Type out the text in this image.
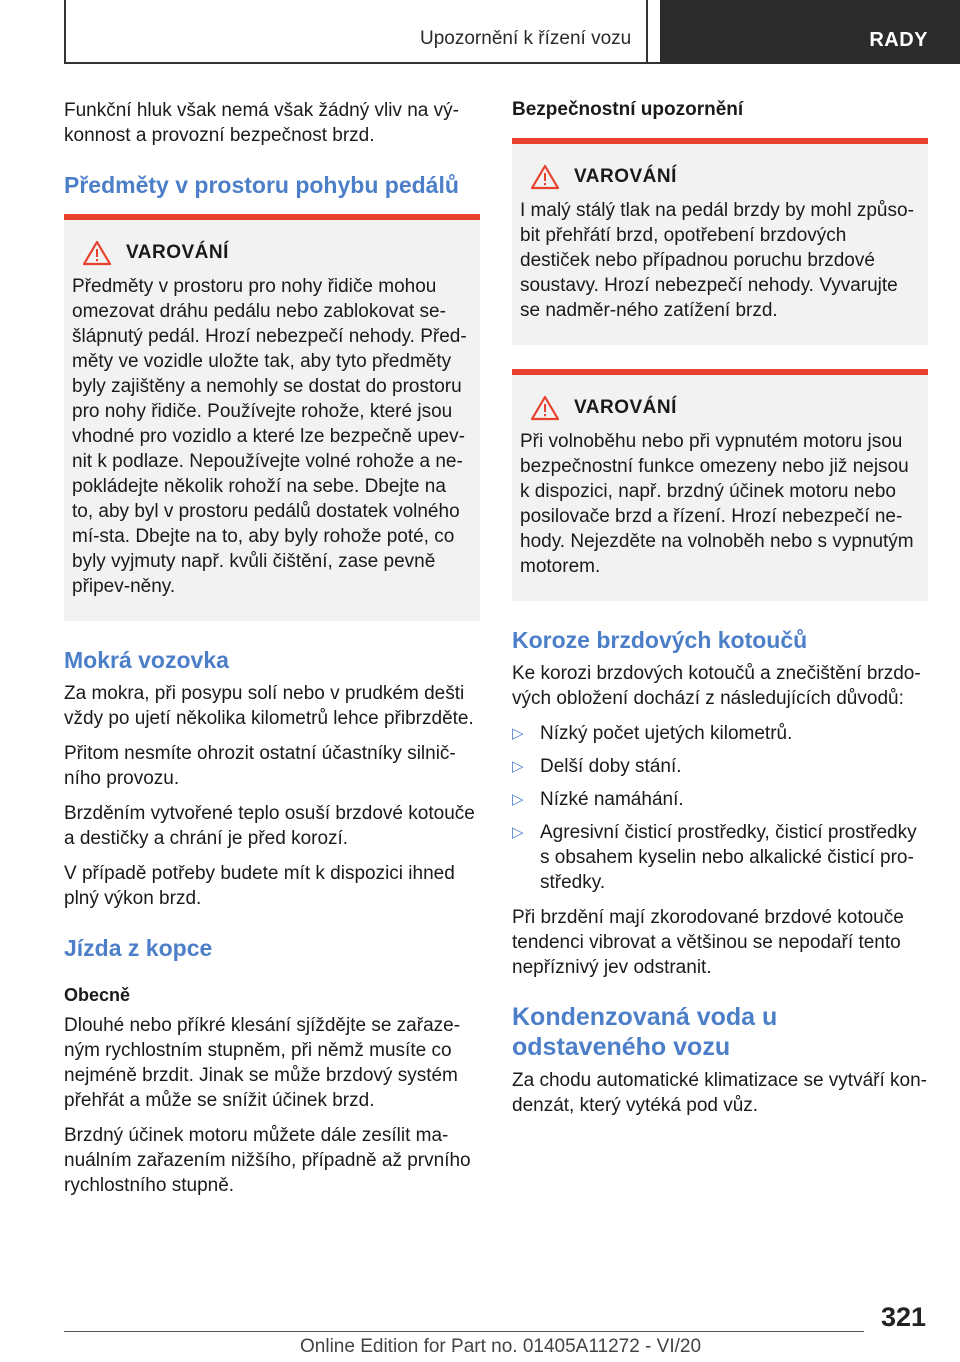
Upozornění k řízení vozu	RADY

Funkční hluk však nemá však žádný vliv na vý-konnost a provozní bezpečnost brzd.

Předměty v prostoru pohybu pedálů
VAROVÁNÍ

Předměty v prostoru pro nohy řidiče mohou omezovat dráhu pedálu nebo zablokovat se-šlápnutý pedál. Hrozí nebezpečí nehody. Před-měty ve vozidle uložte tak, aby tyto předměty byly zajištěny a nemohly se dostat do prostoru pro nohy řidiče. Používejte rohože, které jsou vhodné pro vozidlo a které lze bezpečně upev-nit k podlaze. Nepoužívejte volné rohože a ne-pokládejte několik rohoží na sebe. Dbejte na to, aby byl v prostoru pedálů dostatek volného mí-sta. Dbejte na to, aby byly rohože poté, co byly vyjmuty např. kvůli čištění, zase pevně připev-něny.

Mokrá vozovka

Za mokra, při posypu solí nebo v prudkém dešti vždy po ujetí několika kilometrů lehce přibrzděte.

Přitom nesmíte ohrozit ostatní účastníky silnič-ního provozu.

Brzděním vytvořené teplo osuší brzdové kotouče a destičky a chrání je před korozí.

V případě potřeby budete mít k dispozici ihned plný výkon brzd.

Jízda z kopce
Obecně

Dlouhé nebo příkré klesání sjíždějte se zařaze-ným rychlostním stupněm, při němž musíte co nejméně brzdit. Jinak se může brzdový systém přehřát a může se snížit účinek brzd.

Brzdný účinek motoru můžete dále zesílit ma-nuálním zařazením nižšího, případně až prvního rychlostního stupně.

Bezpečnostní upozornění
VAROVÁNÍ

I malý stálý tlak na pedál brzdy by mohl způso-bit přehřátí brzd, opotřebení brzdových destiček nebo případnou poruchu brzdové soustavy. Hrozí nebezpečí nehody. Vyvarujte se nadměr-ného zatížení brzd.

VAROVÁNÍ

Při volnoběhu nebo při vypnutém motoru jsou bezpečnostní funkce omezeny nebo již nejsou k dispozici, např. brzdný účinek motoru nebo posilovače brzd a řízení. Hrozí nebezpečí ne-hody. Nejezděte na volnoběh nebo s vypnutým motorem.

Koroze brzdových kotoučů

Ke korozi brzdových kotoučů a znečištění brzdo-vých obložení dochází z následujících důvodů:

▷ Nízký počet ujetých kilometrů.
▷ Delší doby stání.
▷ Nízké namáhání.
▷ Agresivní čisticí prostředky, čisticí prostředky s obsahem kyselin nebo alkalické čisticí pro-středky.

Při brzdění mají zkorodované brzdové kotouče tendenci vibrovat a většinou se nepodaří tento nepříznivý jev odstranit.

Kondenzovaná voda u odstaveného vozu

Za chodu automatické klimatizace se vytváří kon-denzát, který vytéká pod vůz.

321
Online Edition for Part no. 01405A11272 - VI/20
